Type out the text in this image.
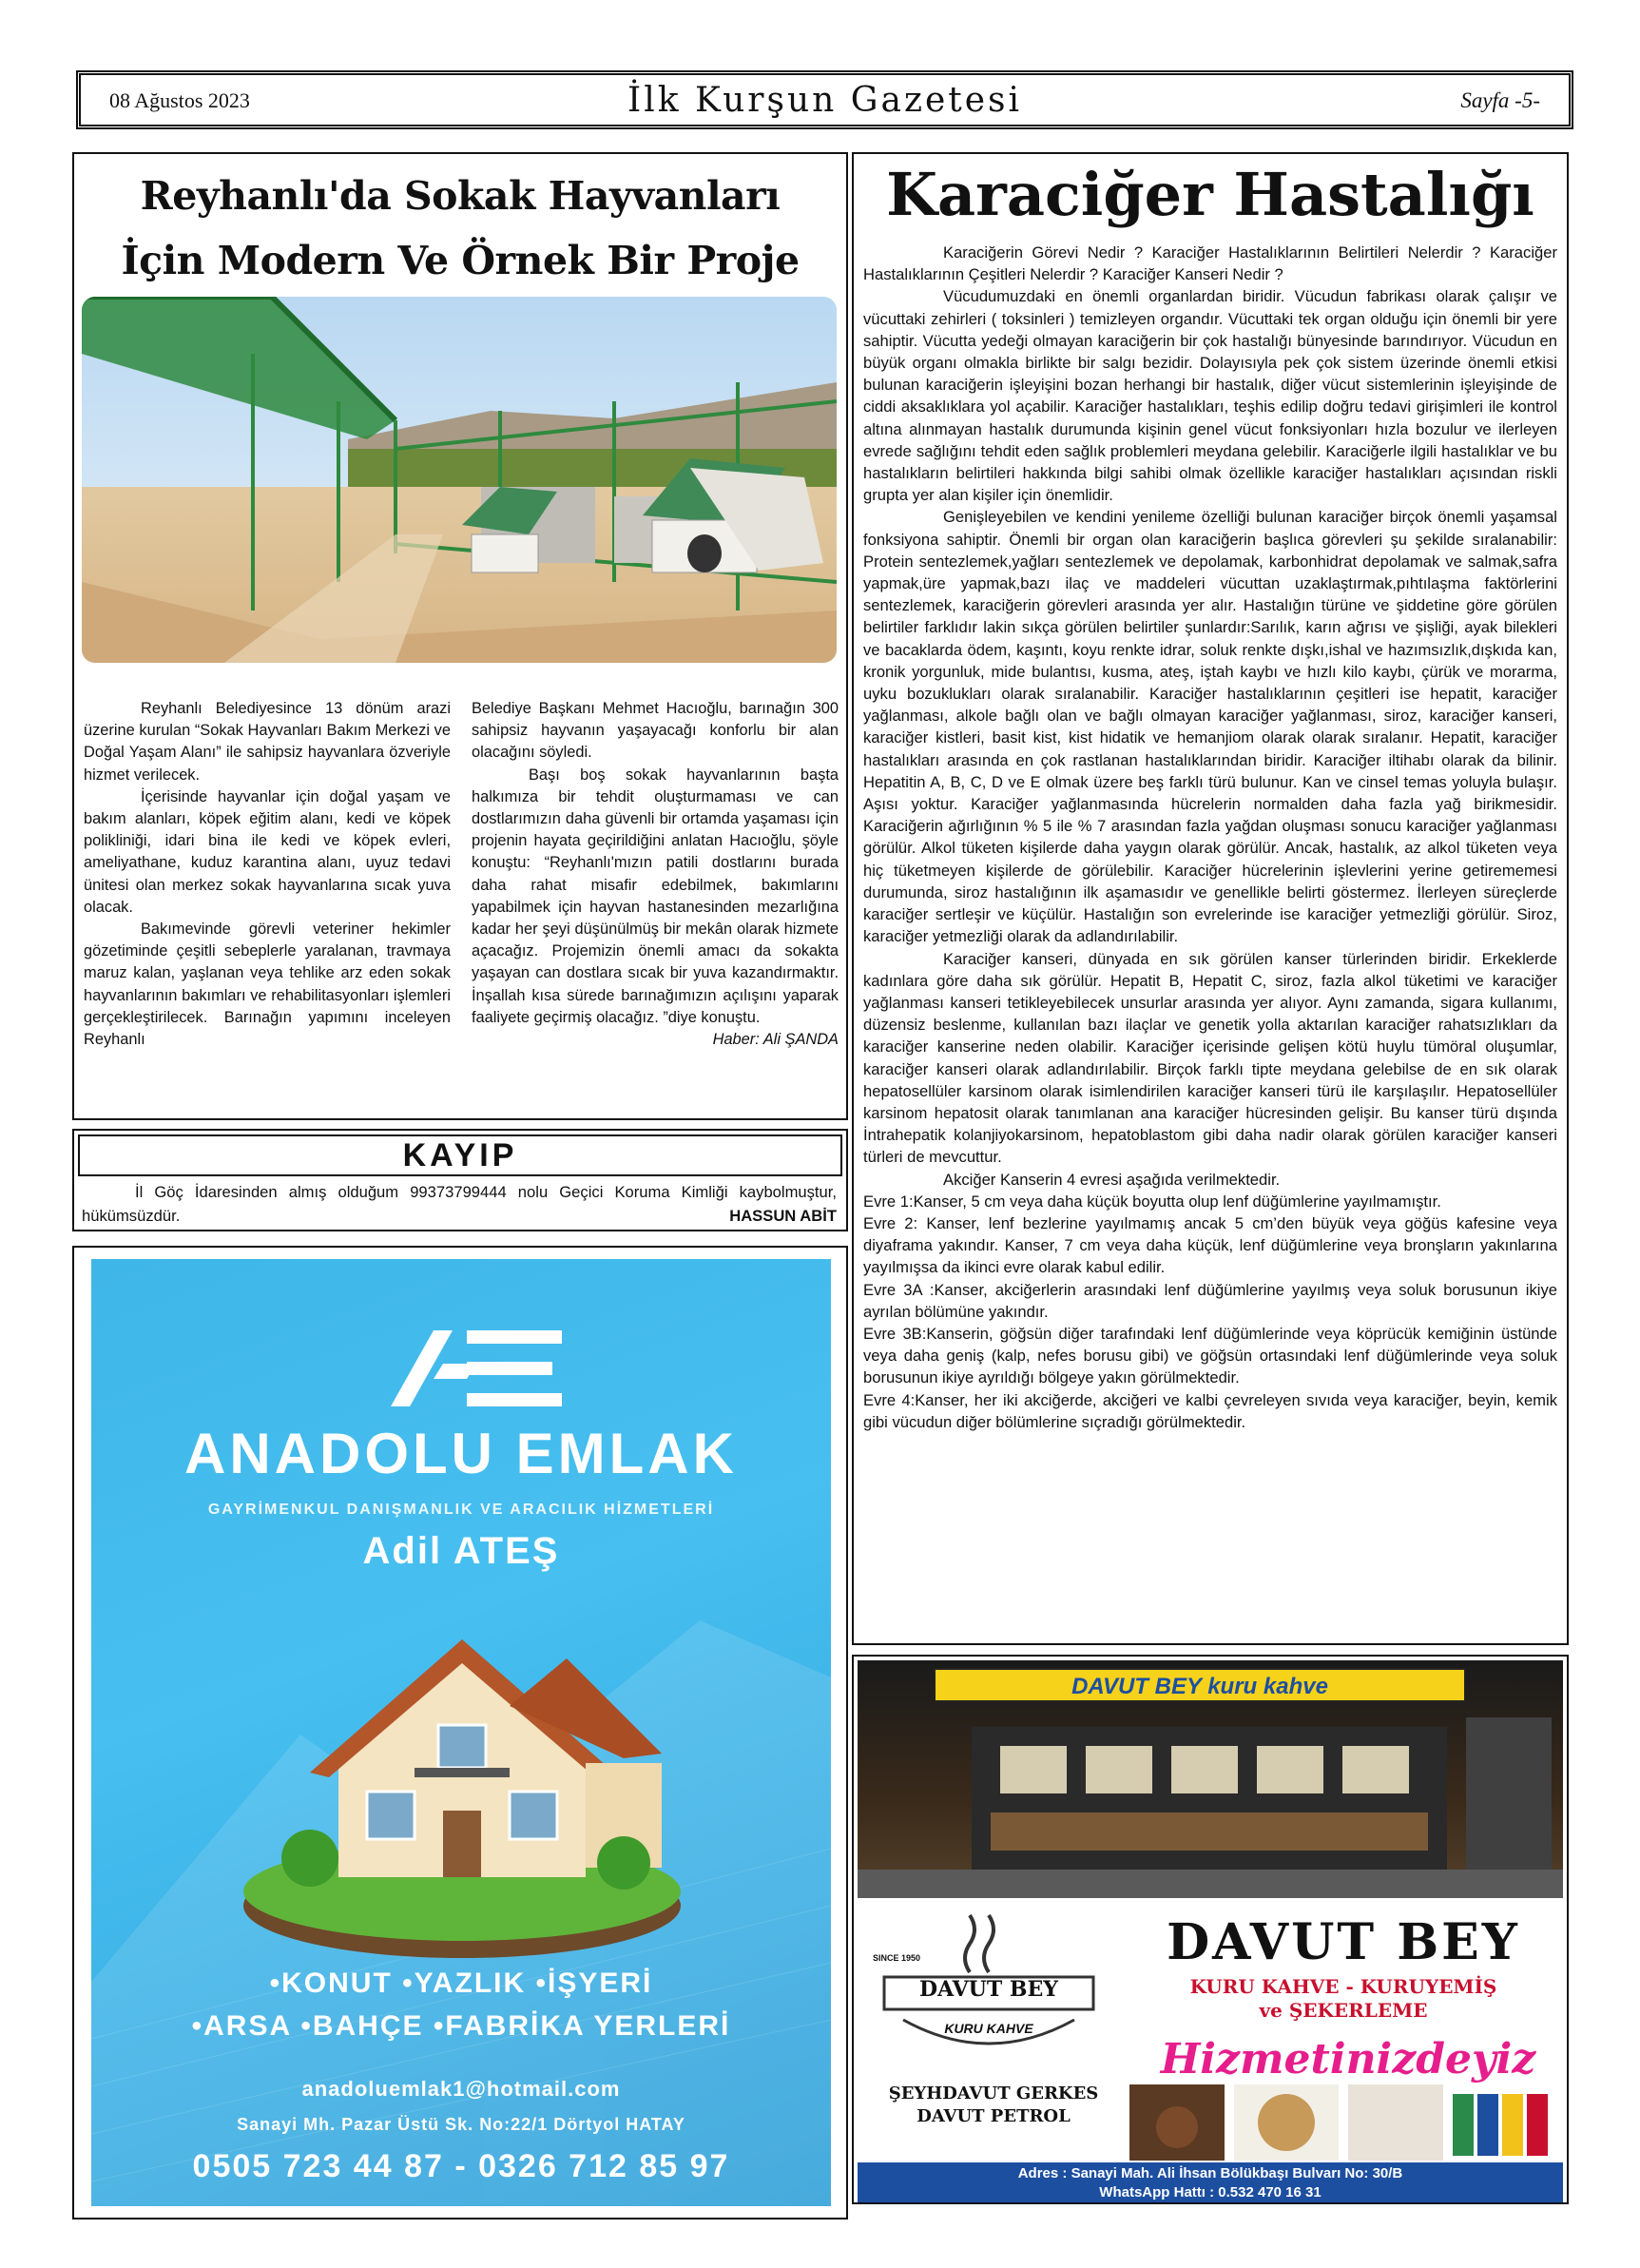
08 Ağustos 2023	İlk Kurşun Gazetesi	Sayfa -5-
Reyhanlı'da Sokak Hayvanları
İçin Modern Ve Örnek Bir Proje

Reyhanlı Belediyesince 13 dönüm arazi üzerine kurulan “Sokak Hayvanları Bakım Merkezi ve Doğal Yaşam Alanı” ile sahipsiz hayvanlara özveriyle hizmet verilecek.

İçerisinde hayvanlar için doğal yaşam ve bakım alanları, köpek eğitim alanı, kedi ve köpek polikliniği, idari bina ile kedi ve köpek evleri, ameliyathane, kuduz karantina alanı, uyuz tedavi ünitesi olan merkez sokak hayvanlarına sıcak yuva olacak.

Bakımevinde görevli veteriner hekimler gözetiminde çeşitli sebeplerle yaralanan, travmaya maruz kalan, yaşlanan veya tehlike arz eden sokak hayvanlarının bakımları ve rehabilitasyonları işlemleri gerçekleştirilecek. Barınağın yapımını inceleyen Reyhanlı

Belediye Başkanı Mehmet Hacıoğlu, barınağın 300 sahipsiz hayvanın yaşayacağı konforlu bir alan olacağını söyledi.

Başı boş sokak hayvanlarının başta halkımıza bir tehdit oluşturmaması ve can dostlarımızın daha güvenli bir ortamda yaşaması için projenin hayata geçirildiğini anlatan Hacıoğlu, şöyle konuştu: “Reyhanlı'mızın patili dostlarını burada daha rahat misafir edebilmek, bakımlarını yapabilmek için hayvan hastanesinden mezarlığına kadar her şeyi düşünülmüş bir mekân olarak hizmete açacağız. Projemizin önemli amacı da sokakta yaşayan can dostlara sıcak bir yuva kazandırmaktır. İnşallah kısa sürede barınağımızın açılışını yaparak faaliyete geçirmiş olacağız. ”diye konuştu.
Haber: Ali ŞANDA

KAYIP

İl Göç İdaresinden almış olduğum 99373799444 nolu Geçici Koruma Kimliği kaybolmuştur, hükümsüzdür.	HASSUN ABİT
ANADOLU EMLAK
GAYRİMENKUL DANIŞMANLIK VE ARACILIK HİZMETLERİ
Adil ATEŞ
•KONUT •YAZLIK •İŞYERİ
•ARSA •BAHÇE •FABRİKA YERLERİ
anadoluemlak1@hotmail.com
Sanayi Mh. Pazar Üstü Sk. No:22/1 Dörtyol HATAY
0505 723 44 87 - 0326 712 85 97
Karaciğer Hastalığı

Karaciğerin Görevi Nedir ? Karaciğer Hastalıklarının Belirtileri Nelerdir ? Karaciğer Hastalıklarının Çeşitleri Nelerdir ? Karaciğer Kanseri Nedir ?

Vücudumuzdaki en önemli organlardan biridir. Vücudun fabrikası olarak çalışır ve vücuttaki zehirleri ( toksinleri ) temizleyen organdır. Vücuttaki tek organ olduğu için önemli bir yere sahiptir. Vücutta yedeği olmayan karaciğerin bir çok hastalığı bünyesinde barındırıyor. Vücudun en büyük organı olmakla birlikte bir salgı bezidir. Dolayısıyla pek çok sistem üzerinde önemli etkisi bulunan karaciğerin işleyişini bozan herhangi bir hastalık, diğer vücut sistemlerinin işleyişinde de ciddi aksaklıklara yol açabilir. Karaciğer hastalıkları, teşhis edilip doğru tedavi girişimleri ile kontrol altına alınmayan hastalık durumunda kişinin genel vücut fonksiyonları hızla bozulur ve ilerleyen evrede sağlığını tehdit eden sağlık problemleri meydana gelebilir. Karaciğerle ilgili hastalıklar ve bu hastalıkların belirtileri hakkında bilgi sahibi olmak özellikle karaciğer hastalıkları açısından riskli grupta yer alan kişiler için önemlidir.

Genişleyebilen ve kendini yenileme özelliği bulunan karaciğer birçok önemli yaşamsal fonksiyona sahiptir. Önemli bir organ olan karaciğerin başlıca görevleri şu şekilde sıralanabilir: Protein sentezlemek,yağları sentezlemek ve depolamak, karbonhidrat depolamak ve salmak,safra yapmak,üre yapmak,bazı ilaç ve maddeleri vücuttan uzaklaştırmak,pıhtılaşma faktörlerini sentezlemek, karaciğerin görevleri arasında yer alır. Hastalığın türüne ve şiddetine göre görülen belirtiler farklıdır lakin sıkça görülen belirtiler şunlardır:Sarılık, karın ağrısı ve şişliği, ayak bilekleri ve bacaklarda ödem, kaşıntı, koyu renkte idrar, soluk renkte dışkı,ishal ve hazımsızlık,dışkıda kan, kronik yorgunluk, mide bulantısı, kusma, ateş, iştah kaybı ve hızlı kilo kaybı, çürük ve morarma, uyku bozuklukları olarak sıralanabilir. Karaciğer hastalıklarının çeşitleri ise hepatit, karaciğer yağlanması, alkole bağlı olan ve bağlı olmayan karaciğer yağlanması, siroz, karaciğer kanseri, karaciğer kistleri, basit kist, kist hidatik ve hemanjiom olarak olarak sıralanır. Hepatit, karaciğer hastalıkları arasında en çok rastlanan hastalıklarından biridir. Karaciğer iltihabı olarak da bilinir. Hepatitin A, B, C, D ve E olmak üzere beş farklı türü bulunur. Kan ve cinsel temas yoluyla bulaşır. Aşısı yoktur. Karaciğer yağlanmasında hücrelerin normalden daha fazla yağ birikmesidir. Karaciğerin ağırlığının % 5 ile % 7 arasından fazla yağdan oluşması sonucu karaciğer yağlanması görülür. Alkol tüketen kişilerde daha yaygın olarak görülür. Ancak, hastalık, az alkol tüketen veya hiç tüketmeyen kişilerde de görülebilir. Karaciğer hücrelerinin işlevlerini yerine getirememesi durumunda, siroz hastalığının ilk aşamasıdır ve genellikle belirti göstermez. İlerleyen süreçlerde karaciğer sertleşir ve küçülür. Hastalığın son evrelerinde ise karaciğer yetmezliği görülür. Siroz, karaciğer yetmezliği olarak da adlandırılabilir.

Karaciğer kanseri, dünyada en sık görülen kanser türlerinden biridir. Erkeklerde kadınlara göre daha sık görülür. Hepatit B, Hepatit C, siroz, fazla alkol tüketimi ve karaciğer yağlanması kanseri tetikleyebilecek unsurlar arasında yer alıyor. Aynı zamanda, sigara kullanımı, düzensiz beslenme, kullanılan bazı ilaçlar ve genetik yolla aktarılan karaciğer rahatsızlıkları da karaciğer kanserine neden olabilir. Karaciğer içerisinde gelişen kötü huylu tümöral oluşumlar, karaciğer kanseri olarak adlandırılabilir. Birçok farklı tipte meydana gelebilse de en sık olarak hepatosellüler karsinom olarak isimlendirilen karaciğer kanseri türü ile karşılaşılır. Hepatosellüler karsinom hepatosit olarak tanımlanan ana karaciğer hücresinden gelişir. Bu kanser türü dışında İntrahepatik kolanjiyokarsinom, hepatoblastom gibi daha nadir olarak görülen karaciğer kanseri türleri de mevcuttur.

Akciğer Kanserin 4 evresi aşağıda verilmektedir.

Evre 1:Kanser, 5 cm veya daha küçük boyutta olup lenf düğümlerine yayılmamıştır.

Evre 2: Kanser, lenf bezlerine yayılmamış ancak 5 cm’den büyük veya göğüs kafesine veya diyaframa yakındır. Kanser, 7 cm veya daha küçük, lenf düğümlerine veya bronşların yakınlarına yayılmışsa da ikinci evre olarak kabul edilir.

Evre 3A :Kanser, akciğerlerin arasındaki lenf düğümlerine yayılmış veya soluk borusunun ikiye ayrılan bölümüne yakındır.

Evre 3B:Kanserin, göğsün diğer tarafındaki lenf düğümlerinde veya köprücük kemiğinin üstünde veya daha geniş (kalp, nefes borusu gibi) ve göğsün ortasındaki lenf düğümlerinde veya soluk borusunun ikiye ayrıldığı bölgeye yakın görülmektedir.

Evre 4:Kanser, her iki akciğerde, akciğeri ve kalbi çevreleyen sıvıda veya karaciğer, beyin, kemik gibi vücudun diğer bölümlerine sıçradığı görülmektedir.

DAVUT BEY kuru kahve
DAVUT BEY
KURU KAHVE
SINCE 1950	DAVUT BEY
KURU KAHVE - KURUYEMİŞ
ve ŞEKERLEME
Hizmetinizdeyiz
ŞEYHDAVUT GERKES
DAVUT PETROL
Adres : Sanayi Mah. Ali İhsan Bölükbaşı Bulvarı No: 30/B
WhatsApp Hattı : 0.532 470 16 31
